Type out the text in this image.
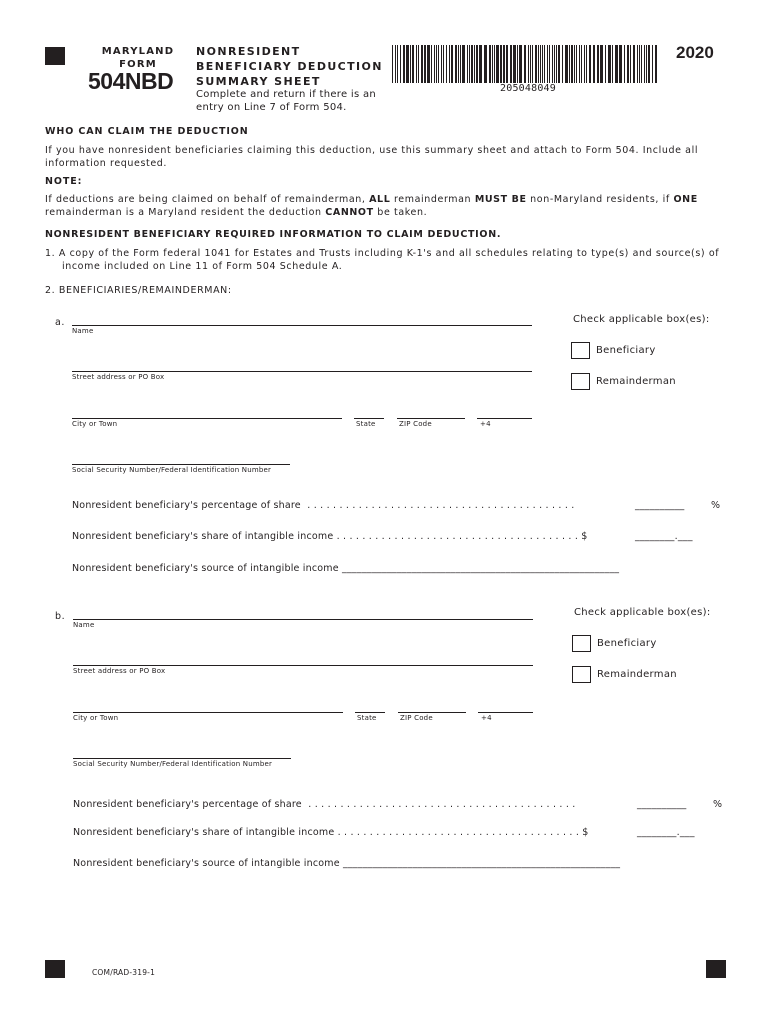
MARYLAND
FORM
504NBD
NONRESIDENT
BENEFICIARY DEDUCTION
SUMMARY SHEET
Complete and return if there is an
entry on Line 7 of Form 504.
205048049
2020
WHO CAN CLAIM THE DEDUCTION
If you have nonresident beneficiaries claiming this deduction, use this summary sheet and attach to Form 504. Include all
information requested.
NOTE:
If deductions are being claimed on behalf of remainderman, ALL remainderman MUST BE non-Maryland residents, if ONE
remainderman is a Maryland resident the deduction CANNOT be taken.
NONRESIDENT BENEFICIARY REQUIRED INFORMATION TO CLAIM DEDUCTION.
1. A copy of the Form federal 1041 for Estates and Trusts including K-1's and all schedules relating to type(s) and source(s) of
income included on Line 11 of Form 504 Schedule A.
2. BENEFICIARIES/REMAINDERMAN:
a.
Name
Street address or PO Box
City or Town	State	ZIP Code	+4
Social Security Number/Federal Identification Number
Check applicable box(es):
Beneficiary
Remainderman
Nonresident beneficiary's percentage of share  . . . . . . . . . . . . . . . . . . . . . . . . . . . . . . . . . . . . . . . . . .	__________	%
Nonresident beneficiary's share of intangible income . . . . . . . . . . . . . . . . . . . . . . . . . . . . . . . . . . . . . . $	________.___
Nonresident beneficiary's source of intangible income ________________________________________________________
b.
Name
Street address or PO Box
City or Town	State	ZIP Code	+4
Social Security Number/Federal Identification Number
Check applicable box(es):
Beneficiary
Remainderman
Nonresident beneficiary's percentage of share  . . . . . . . . . . . . . . . . . . . . . . . . . . . . . . . . . . . . . . . . . .	__________	%
Nonresident beneficiary's share of intangible income . . . . . . . . . . . . . . . . . . . . . . . . . . . . . . . . . . . . . . $	________.___
Nonresident beneficiary's source of intangible income ________________________________________________________
COM/RAD-319-1
